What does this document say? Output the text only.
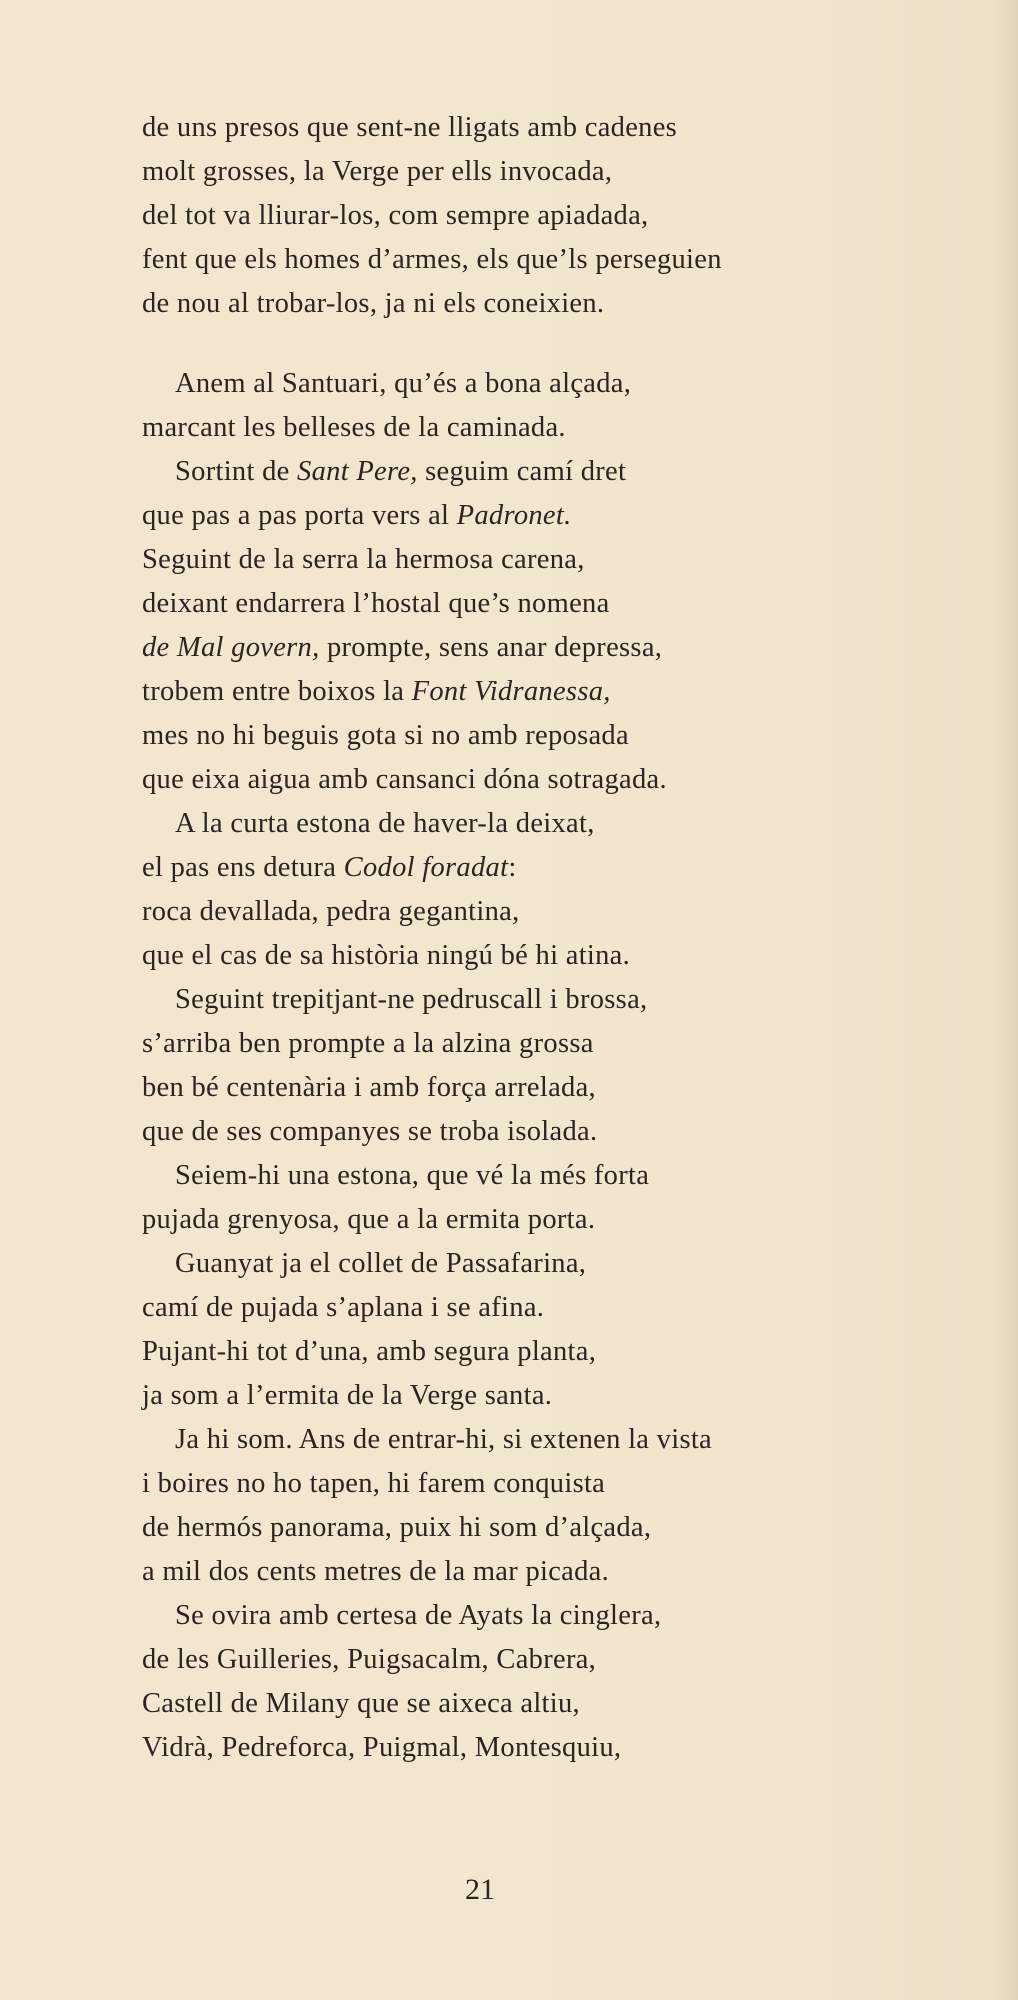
de uns presos que sent-ne lligats amb cadenes
molt grosses, la Verge per ells invocada,
del tot va lliurar-los, com sempre apiadada,
fent que els homes d’armes, els que’ls perseguien
de nou al trobar-los, ja ni els coneixien.
Anem al Santuari, qu’és a bona alçada,
marcant les belleses de la caminada.
Sortint de Sant Pere, seguim camí dret
que pas a pas porta vers al Padronet.
Seguint de la serra la hermosa carena,
deixant endarrera l’hostal que’s nomena
de Mal govern, prompte, sens anar depressa,
trobem entre boixos la Font Vidranessa,
mes no hi beguis gota si no amb reposada
que eixa aigua amb cansanci dóna sotragada.
A la curta estona de haver-la deixat,
el pas ens detura Codol foradat:
roca devallada, pedra gegantina,
que el cas de sa història ningú bé hi atina.
Seguint trepitjant-ne pedruscall i brossa,
s’arriba ben prompte a la alzina grossa
ben bé centenària i amb força arrelada,
que de ses companyes se troba isolada.
Seiem-hi una estona, que vé la més forta
pujada grenyosa, que a la ermita porta.
Guanyat ja el collet de Passafarina,
camí de pujada s’aplana i se afina.
Pujant-hi tot d’una, amb segura planta,
ja som a l’ermita de la Verge santa.
Ja hi som. Ans de entrar-hi, si extenen la vista
i boires no ho tapen, hi farem conquista
de hermós panorama, puix hi som d’alçada,
a mil dos cents metres de la mar picada.
Se ovira amb certesa de Ayats la cinglera,
de les Guilleries, Puigsacalm, Cabrera,
Castell de Milany que se aixeca altiu,
Vidrà, Pedreforca, Puigmal, Montesquiu,
21
